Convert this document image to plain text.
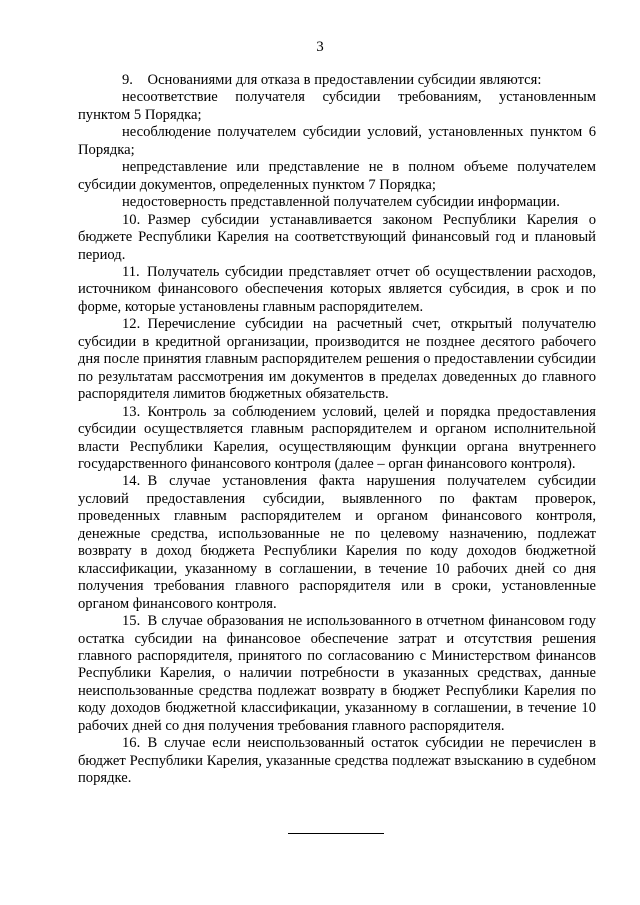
3

9. Основаниями для отказа в предоставлении субсидии являются:

несоответствие получателя субсидии требованиям, установленным пунктом 5 Порядка;

несоблюдение получателем субсидии условий, установленных пунктом 6 Порядка;

непредставление или представление не в полном объеме получателем субсидии документов, определенных пунктом 7 Порядка;

недостоверность представленной получателем субсидии информации.

10. Размер субсидии устанавливается законом Республики Карелия о бюджете Республики Карелия на соответствующий финансовый год и плановый период.

11. Получатель субсидии представляет отчет об осуществлении расходов, источником финансового обеспечения которых является субсидия, в срок и по форме, которые установлены главным распорядителем.

12. Перечисление субсидии на расчетный счет, открытый получателю субсидии в кредитной организации, производится не позднее десятого рабочего дня после принятия главным распорядителем решения о предоставлении субсидии по результатам рассмотрения им документов в пределах доведенных до главного распорядителя лимитов бюджетных обязательств.

13. Контроль за соблюдением условий, целей и порядка предоставления субсидии осуществляется главным распорядителем и органом исполнительной власти Республики Карелия, осуществляющим функции органа внутреннего государственного финансового контроля (далее – орган финансового контроля).

14. В случае установления факта нарушения получателем субсидии условий предоставления субсидии, выявленного по фактам проверок, проведенных главным распорядителем и органом финансового контроля, денежные средства, использованные не по целевому назначению, подлежат возврату в доход бюджета Республики Карелия по коду доходов бюджетной классификации, указанному в соглашении, в течение 10 рабочих дней со дня получения требования главного распорядителя или в сроки, установленные органом финансового контроля.

15. В случае образования не использованного в отчетном финансовом году остатка субсидии на финансовое обеспечение затрат и отсутствия решения главного распорядителя, принятого по согласованию с Министерством финансов Республики Карелия, о наличии потребности в указанных средствах, данные неиспользованные средства подлежат возврату в бюджет Республики Карелия по коду доходов бюджетной классификации, указанному в соглашении, в течение 10 рабочих дней со дня получения требования главного распорядителя.

16. В случае если неиспользованный остаток субсидии не перечислен в бюджет Республики Карелия, указанные средства подлежат взысканию в судебном порядке.
